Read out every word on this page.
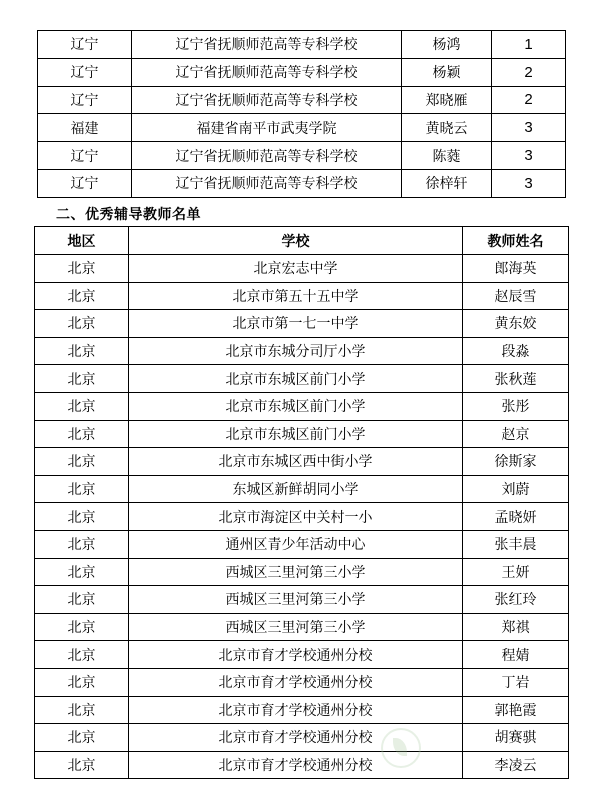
辽宁	辽宁省抚顺师范高等专科学校	杨鸿	1
辽宁	辽宁省抚顺师范高等专科学校	杨颖	2
辽宁	辽宁省抚顺师范高等专科学校	郑晓雁	2
福建	福建省南平市武夷学院	黄晓云	3
辽宁	辽宁省抚顺师范高等专科学校	陈蕤	3
辽宁	辽宁省抚顺师范高等专科学校	徐梓轩	3
二、优秀辅导教师名单
地区	学校	教师姓名
北京	北京宏志中学	郎海英
北京	北京市第五十五中学	赵辰雪
北京	北京市第一七一中学	黄东姣
北京	北京市东城分司厅小学	段淼
北京	北京市东城区前门小学	张秋莲
北京	北京市东城区前门小学	张彤
北京	北京市东城区前门小学	赵京
北京	北京市东城区西中街小学	徐斯家
北京	东城区新鲜胡同小学	刘蔚
北京	北京市海淀区中关村一小	孟晓妍
北京	通州区青少年活动中心	张丰晨
北京	西城区三里河第三小学	王妍
北京	西城区三里河第三小学	张红玲
北京	西城区三里河第三小学	郑祺
北京	北京市育才学校通州分校	程婧
北京	北京市育才学校通州分校	丁岩
北京	北京市育才学校通州分校	郭艳霞
北京	北京市育才学校通州分校	胡赛骐
北京	北京市育才学校通州分校	李凌云
